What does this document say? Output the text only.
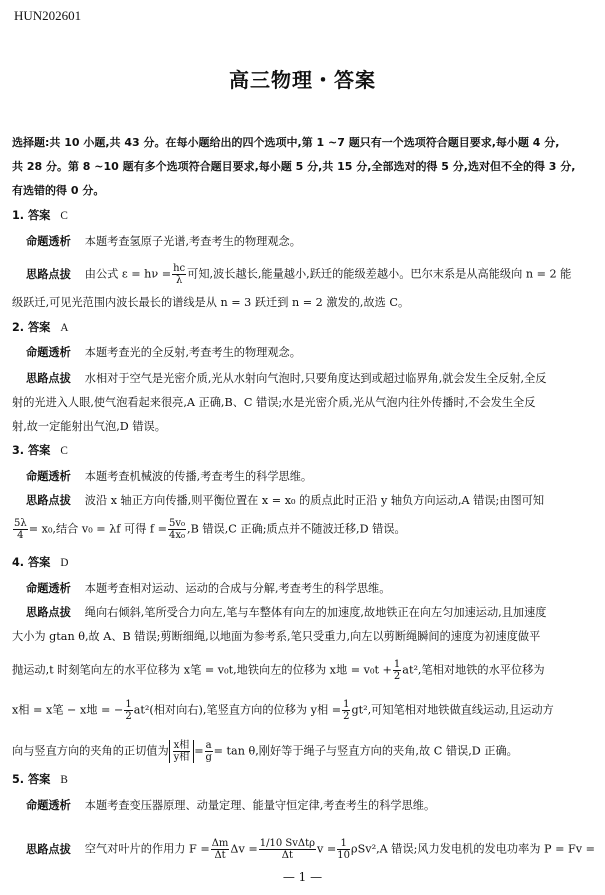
HUN202601
高三物理・答案
选择题:共 10 小题,共 43 分。在每小题给出的四个选项中,第 1 ~7 题只有一个选项符合题目要求,每小题 4 分,
共 28 分。第 8 ~10 题有多个选项符合题目要求,每小题 5 分,共 15 分,全部选对的得 5 分,选对但不全的得 3 分,
有选错的得 0 分。
1. 答案 C
命题透析 本题考查氢原子光谱,考查考生的物理观念。
思路点拔 由公式 $\varepsilon = h\nu = \frac{hc}{\lambda}$ 可知,波长越长,能量越小,跃迁的能级差越小。巴尔末系是从高能级向 n = 2 能
级跃迁,可见光范围内波长最长的谱线是从 n = 3 跃迁到 n = 2 激发的,故选 C。
2. 答案 A
命题透析 本题考查光的全反射,考查考生的物理观念。
思路点拔 水相对于空气是光密介质,光从水射向气泡时,只要角度达到或超过临界角,就会发生全反射,全反
射的光进入人眼,使气泡看起来很亮,A 正确,B、C 错误;水是光密介质,光从气泡内往外传播时,不会发生全反
射,故一定能射出气泡,D 错误。
3. 答案 C
命题透析 本题考查机械波的传播,考查考生的科学思维。
思路点拔 波沿 x 轴正方向传播,则平衡位置在 x = x₀ 的质点此时正沿 y 轴负方向运动,A 错误;由图可知
$\frac{5\lambda}{4} = x_0$,结合 v₀ = λf 可得 $f = \frac{\text{5v₀}}{\text{4x₀}} ,B$ 错误,C 正确;质点并不随波迁移,D 错误。
4. 答案 D
命题透析 本题考查相对运动、运动的合成与分解,考查考生的科学思维。
思路点拔 绳向右倾斜,笔所受合力向左,笔与车整体有向左的加速度,故地铁正在向左匀加速运动,且加速度
大小为 gtan θ,故 A、B 错误;剪断细绳,以地面为参考系,笔只受重力,向左以剪断绳瞬间的速度为初速度做平
抛运动,t 时刻笔向左的水平位移为 x笔 = v₀t,地铁向左的位移为 x地 = $v_0t + \frac{1}{2} at^2$,笔相对地铁的水平位移为
x相 = x笔 − x地 = − $\frac{1}{2} at^2$(相对向右),笔竖直方向的位移为 y相 = $\frac{1}{2} gt^2$,可知笔相对地铁做直线运动,且运动方
向与竖直方向的夹角的正切值为 $\frac{\text{x相}}{\text{y相}} = \frac{a}{g} = \tan \theta$,刚好等于绳子与竖直方向的夹角,故 C 错误,D 正确。
5. 答案 B
命题透析 本题考查变压器原理、动量定理、能量守恒定律,考查考生的科学思维。
思路点拔 空气对叶片的作用力 $F = \frac{\Delta m}{\Delta t}$ $\Delta v = \frac{\text{1/10 SvΔtρ}}{\Delta t}$ $v = \frac{1}{10} \rho Sv^2,A$ 错误;风力发电机的发电功率为 P = Fv =
— 1 —
